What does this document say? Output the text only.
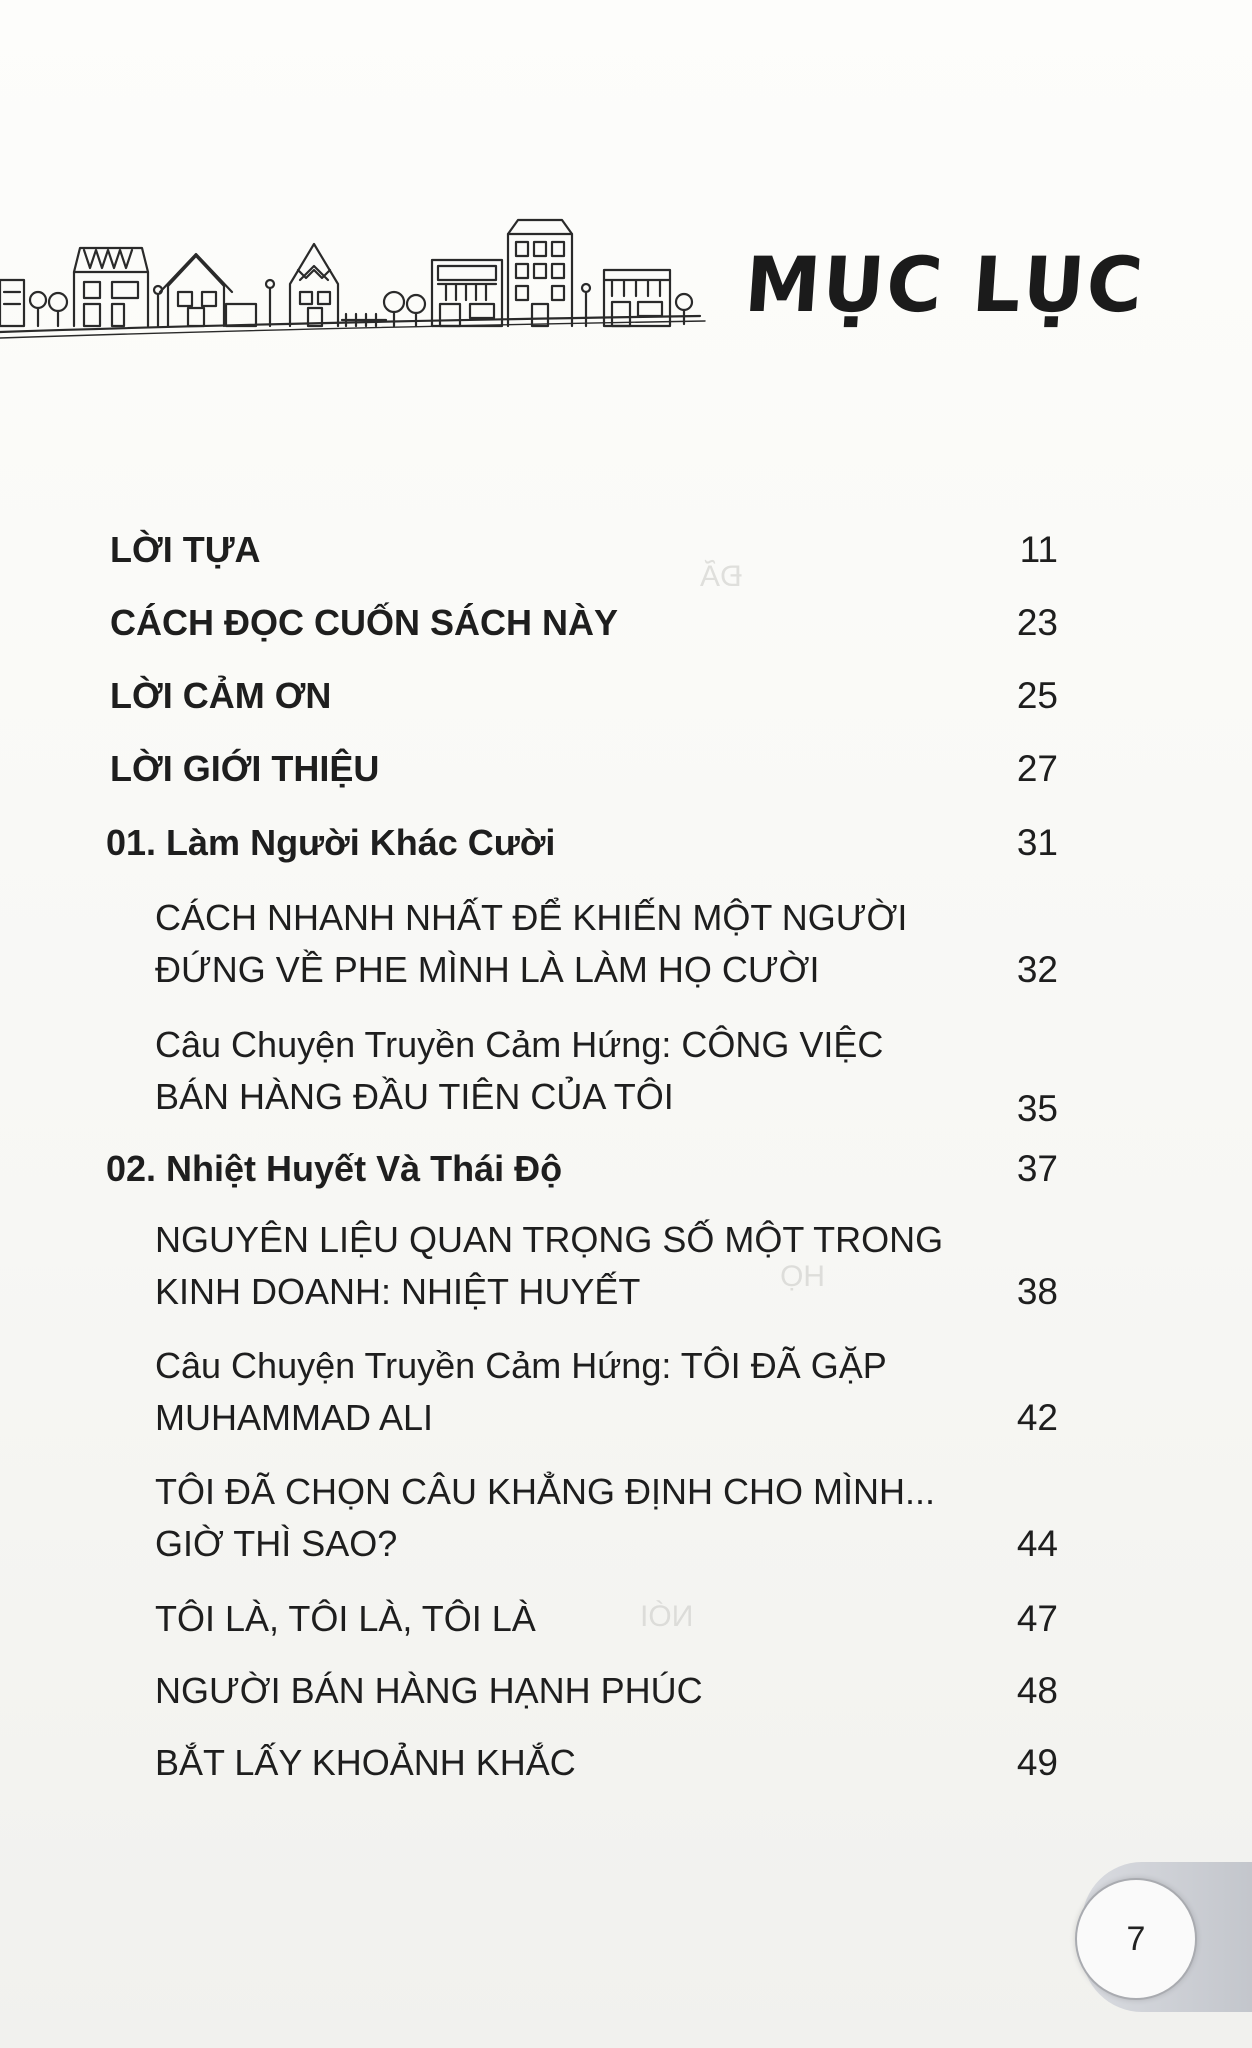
ĐÃ
HỌ
NÓI
MỤC LỤC
LỜI TỰA	11
CÁCH ĐỌC CUỐN SÁCH NÀY	23
LỜI CẢM ƠN	25
LỜI GIỚI THIỆU	27
01. Làm Người Khác Cười	31
CÁCH NHANH NHẤT ĐỂ KHIẾN MỘT NGƯỜI
ĐỨNG VỀ PHE MÌNH LÀ LÀM HỌ CƯỜI	32
Câu Chuyện Truyền Cảm Hứng: CÔNG VIỆC
BÁN HÀNG ĐẦU TIÊN CỦA TÔI	35
02. Nhiệt Huyết Và Thái Độ	37
NGUYÊN LIỆU QUAN TRỌNG SỐ MỘT TRONG
KINH DOANH: NHIỆT HUYẾT	38
Câu Chuyện Truyền Cảm Hứng: TÔI ĐÃ GẶP
MUHAMMAD ALI	42
TÔI ĐÃ CHỌN CÂU KHẲNG ĐỊNH CHO MÌNH...
GIỜ THÌ SAO?	44
TÔI LÀ, TÔI LÀ, TÔI LÀ	47
NGƯỜI BÁN HÀNG HẠNH PHÚC	48
BẮT LẤY KHOẢNH KHẮC	49
7
